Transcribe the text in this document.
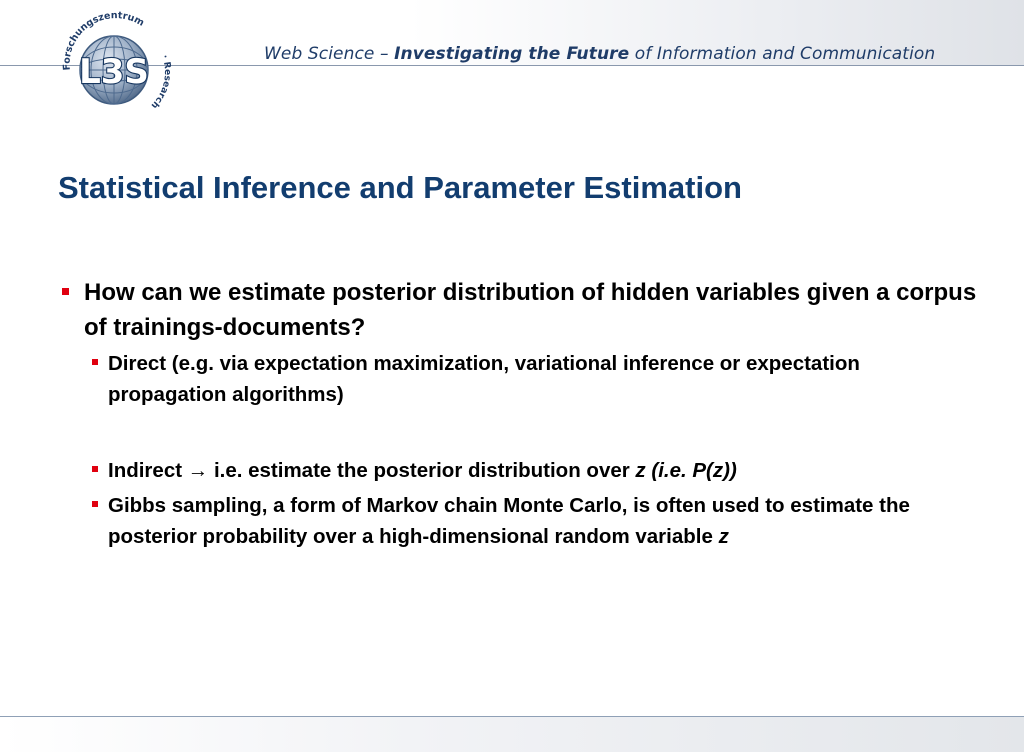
L3S
Forschungszentrum
· Research
Web Science – Investigating the Future of Information and Communication
Statistical Inference and Parameter Estimation
How can we estimate posterior distribution of hidden variables given a corpus of trainings-documents?
Direct (e.g. via expectation maximization, variational inference or expectation propagation algorithms)
Indirect → i.e. estimate the posterior distribution over z (i.e. P(z))
Gibbs sampling, a form of Markov chain Monte Carlo, is often used to estimate the posterior probability over a high-dimensional random variable z
